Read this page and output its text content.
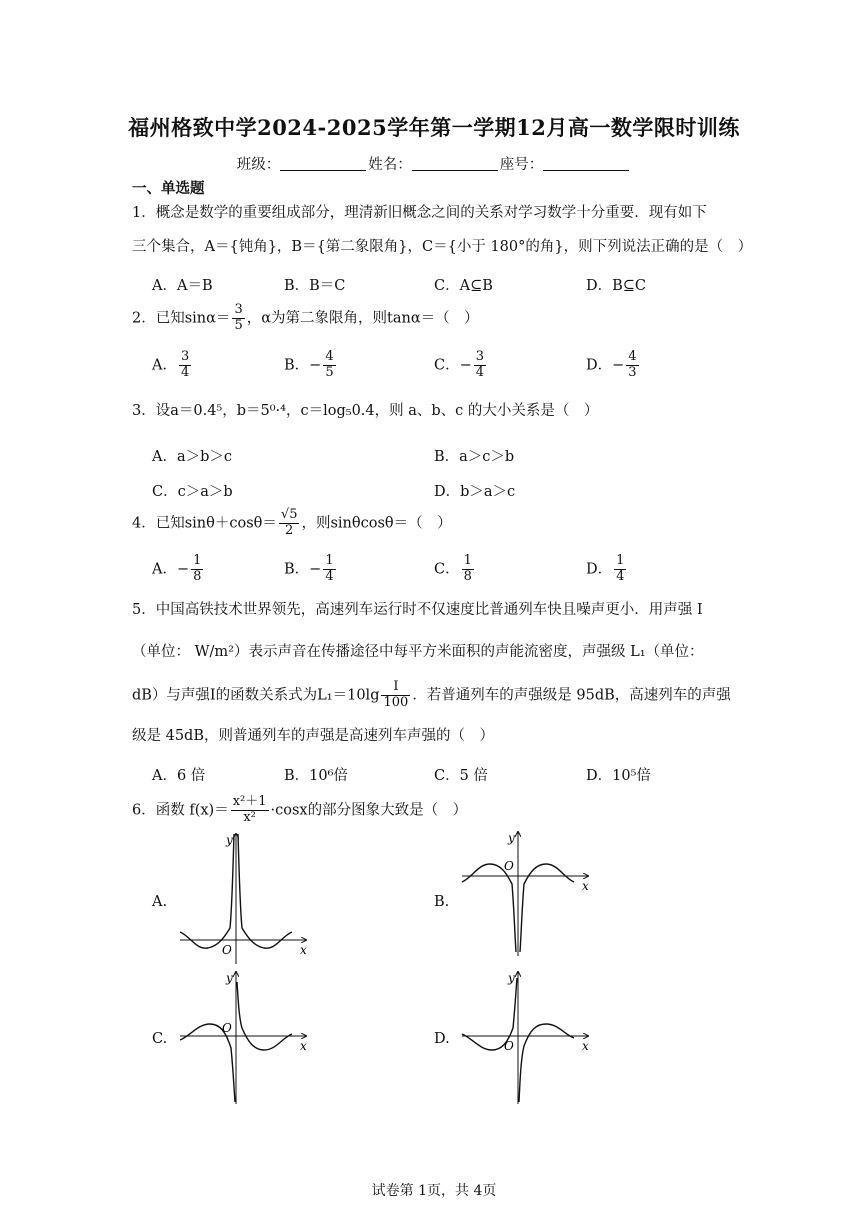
福州格致中学2024-2025学年第一学期12月高一数学限时训练
班级：	姓名：	座号：
一、单选题
1．概念是数学的重要组成部分，理清新旧概念之间的关系对学习数学十分重要．现有如下
三个集合，A＝{钝角}，B＝{第二象限角}，C＝{小于 180°的角}，则下列说法正确的是（　）
A．A＝B	B．B＝C	C．A⊆B	D．B⊆C
2．已知$\sin\alpha= \frac{3}{5}$ ，α为第二象限角，则tanα＝（　）
A． $\frac{3}{4}$	B．− $\frac{4}{5}$	C．− $\frac{3}{4}$	D．− $\frac{4}{3}$
3．设a＝0.4⁵，b＝5⁰·⁴，c＝log₅0.4，则 a、b、c 的大小关系是（　）
A．a＞b＞c	B．a＞c＞b
C．c＞a＞b	D．b＞a＞c
4．已知$\sin\theta+\cos\theta= \frac{√5}{2}$ ，则sinθcosθ＝（　）
A．− $\frac{1}{8}$	B．− $\frac{1}{4}$	C． $\frac{1}{8}$	D． $\frac{1}{4}$
5．中国高铁技术世界领先，高速列车运行时不仅速度比普通列车快且噪声更小．用声强 I
（单位： W/m²）表示声音在传播途径中每平方米面积的声能流密度，声强级 L₁（单位：
dB）与声强I的函数关系式为$L_1=10\lg \frac{I}{100}$ ．若普通列车的声强级是 95dB，高速列车的声强
级是 45dB，则普通列车的声强是高速列车声强的（　）
A．6 倍	B．10⁶倍	C．5 倍	D．10⁵倍
6．函数 $f(x)= \frac{\text{x²＋1}}{\text{x²}} \cdot\cos x$的部分图象大致是（　）
A.	B.
C.	D.
x
y
O
x
y
O
x
y
O
x
y
O
试卷第 1页，共 4页
